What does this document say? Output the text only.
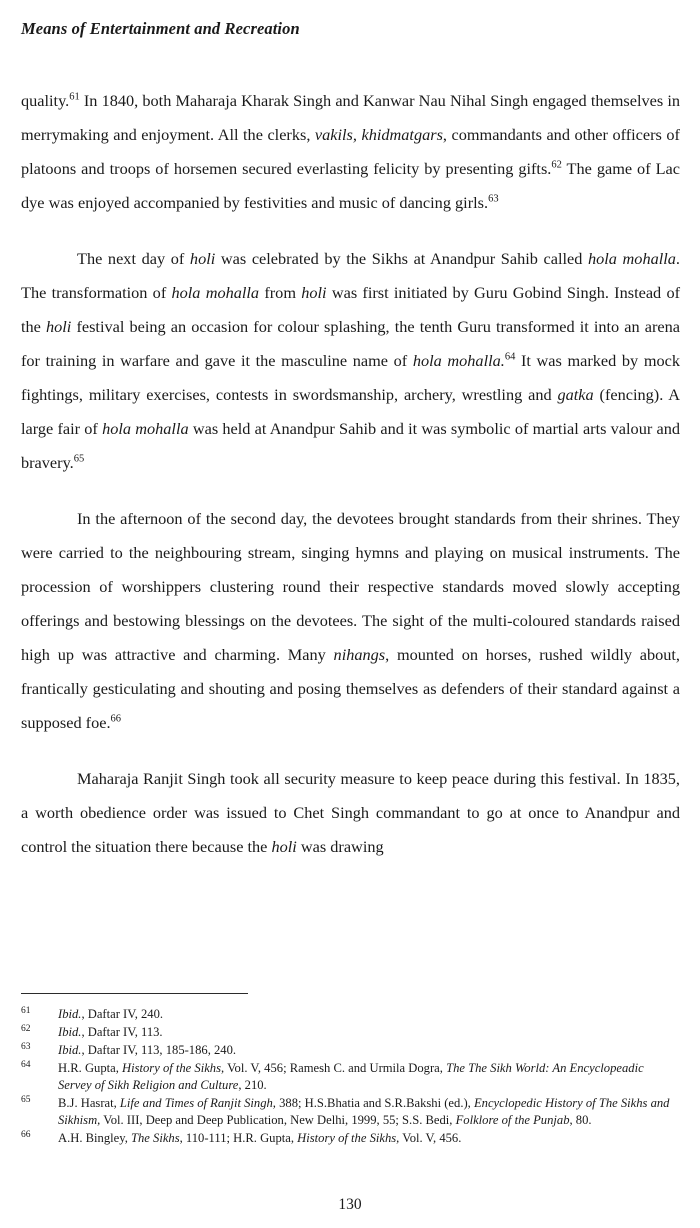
Means of Entertainment and Recreation

quality.$^{61}$ In 1840, both Maharaja Kharak Singh and Kanwar Nau Nihal Singh engaged themselves in merrymaking and enjoyment. All the clerks, vakils, khidmatgars, commandants and other officers of platoons and troops of horsemen secured everlasting felicity by presenting gifts.$^{62}$ The game of Lac dye was enjoyed accompanied by festivities and music of dancing girls.$^{63}$

The next day of holi was celebrated by the Sikhs at Anandpur Sahib called hola mohalla. The transformation of hola mohalla from holi was first initiated by Guru Gobind Singh. Instead of the holi festival being an occasion for colour splashing, the tenth Guru transformed it into an arena for training in warfare and gave it the masculine name of hola mohalla.$^{64}$ It was marked by mock fightings, military exercises, contests in swordsmanship, archery, wrestling and gatka (fencing). A large fair of hola mohalla was held at Anandpur Sahib and it was symbolic of martial arts valour and bravery.$^{65}$

In the afternoon of the second day, the devotees brought standards from their shrines. They were carried to the neighbouring stream, singing hymns and playing on musical instruments. The procession of worshippers clustering round their respective standards moved slowly accepting offerings and bestowing blessings on the devotees. The sight of the multi-coloured standards raised high up was attractive and charming. Many nihangs, mounted on horses, rushed wildly about, frantically gesticulating and shouting and posing themselves as defenders of their standard against a supposed foe.$^{66}$

Maharaja Ranjit Singh took all security measure to keep peace during this festival. In 1835, a worth obedience order was issued to Chet Singh commandant to go at once to Anandpur and control the situation there because the holi was drawing

61	Ibid., Daftar IV, 240.
62	Ibid., Daftar IV, 113.
63	Ibid., Daftar IV, 113, 185-186, 240.
64	H.R. Gupta, History of the Sikhs, Vol. V, 456; Ramesh C. and Urmila Dogra, The The Sikh World: An Encyclopeadic Servey of Sikh Religion and Culture, 210.
65	B.J. Hasrat, Life and Times of Ranjit Singh, 388; H.S.Bhatia and S.R.Bakshi (ed.), Encyclopedic History of The Sikhs and Sikhism, Vol. III, Deep and Deep Publication, New Delhi, 1999, 55; S.S. Bedi, Folklore of the Punjab, 80.
66	A.H. Bingley, The Sikhs, 110-111; H.R. Gupta, History of the Sikhs, Vol. V, 456.
130
